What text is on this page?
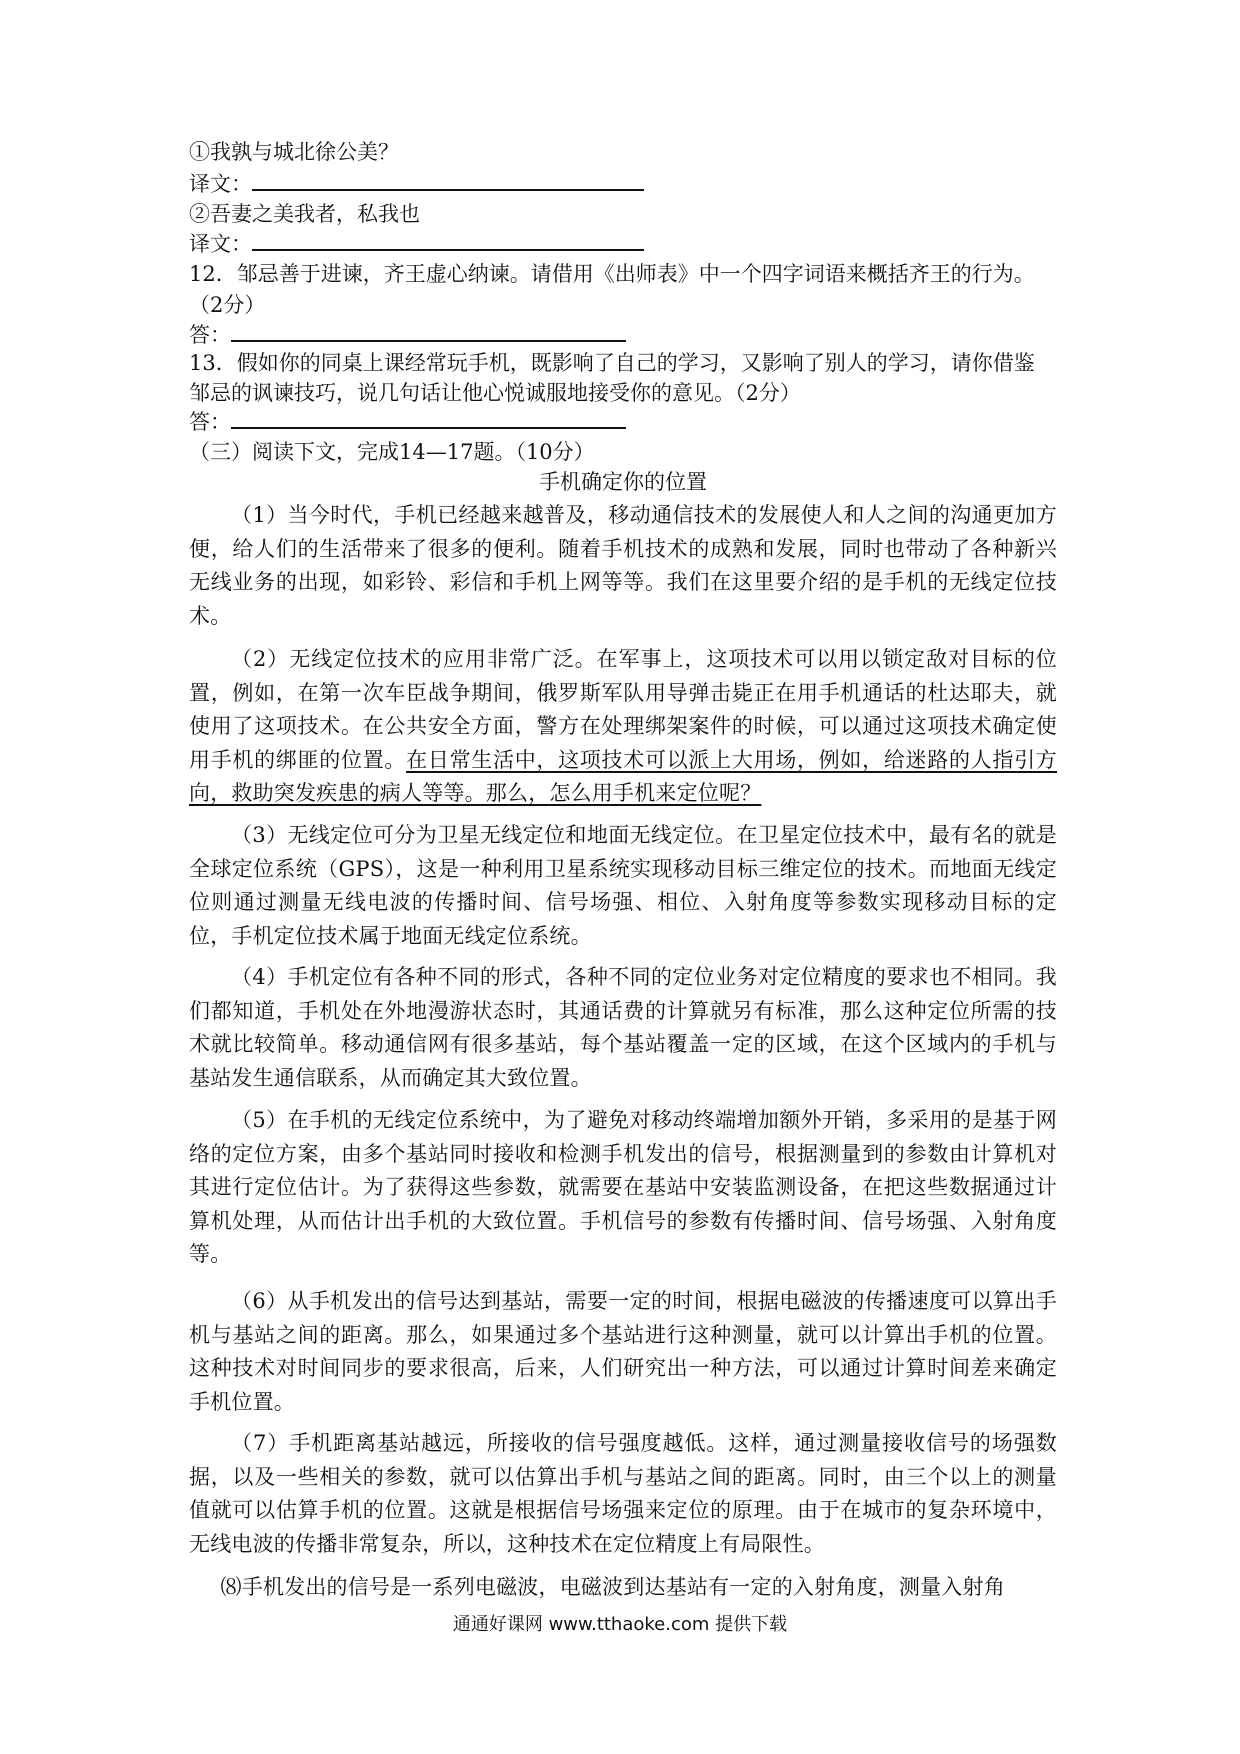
①我孰与城北徐公美？
译文：
②吾妻之美我者，私我也
译文：
12．邹忌善于进谏，齐王虚心纳谏。请借用《出师表》中一个四字词语来概括齐王的行为。
（2分）
答：
13．假如你的同桌上课经常玩手机，既影响了自己的学习，又影响了别人的学习，请你借鉴
邹忌的讽谏技巧，说几句话让他心悦诚服地接受你的意见。（2分）
答：
（三）阅读下文，完成14—17题。（10分）
手机确定你的位置

（1）当今时代，手机已经越来越普及，移动通信技术的发展使人和人之间的沟通更加方便，给人们的生活带来了很多的便利。随着手机技术的成熟和发展，同时也带动了各种新兴无线业务的出现，如彩铃、彩信和手机上网等等。我们在这里要介绍的是手机的无线定位技术。

（2）无线定位技术的应用非常广泛。在军事上，这项技术可以用以锁定敌对目标的位置，例如，在第一次车臣战争期间，俄罗斯军队用导弹击毙正在用手机通话的杜达耶夫，就使用了这项技术。在公共安全方面，警方在处理绑架案件的时候，可以通过这项技术确定使用手机的绑匪的位置。在日常生活中，这项技术可以派上大用场，例如，给迷路的人指引方向，救助突发疾患的病人等等。那么，怎么用手机来定位呢？

（3）无线定位可分为卫星无线定位和地面无线定位。在卫星定位技术中，最有名的就是全球定位系统（GPS），这是一种利用卫星系统实现移动目标三维定位的技术。而地面无线定位则通过测量无线电波的传播时间、信号场强、相位、入射角度等参数实现移动目标的定位，手机定位技术属于地面无线定位系统。

（4）手机定位有各种不同的形式，各种不同的定位业务对定位精度的要求也不相同。我们都知道，手机处在外地漫游状态时，其通话费的计算就另有标准，那么这种定位所需的技术就比较简单。移动通信网有很多基站，每个基站覆盖一定的区域，在这个区域内的手机与基站发生通信联系，从而确定其大致位置。

（5）在手机的无线定位系统中，为了避免对移动终端增加额外开销，多采用的是基于网络的定位方案，由多个基站同时接收和检测手机发出的信号，根据测量到的参数由计算机对其进行定位估计。为了获得这些参数，就需要在基站中安装监测设备，在把这些数据通过计算机处理，从而估计出手机的大致位置。手机信号的参数有传播时间、信号场强、入射角度等。

（6）从手机发出的信号达到基站，需要一定的时间，根据电磁波的传播速度可以算出手机与基站之间的距离。那么，如果通过多个基站进行这种测量，就可以计算出手机的位置。这种技术对时间同步的要求很高，后来，人们研究出一种方法，可以通过计算时间差来确定手机位置。

（7）手机距离基站越远，所接收的信号强度越低。这样，通过测量接收信号的场强数据，以及一些相关的参数，就可以估算出手机与基站之间的距离。同时，由三个以上的测量值就可以估算手机的位置。这就是根据信号场强来定位的原理。由于在城市的复杂环境中，无线电波的传播非常复杂，所以，这种技术在定位精度上有局限性。

⑻手机发出的信号是一系列电磁波，电磁波到达基站有一定的入射角度，测量入射角

通通好课网 www.tthaoke.com 提供下载
